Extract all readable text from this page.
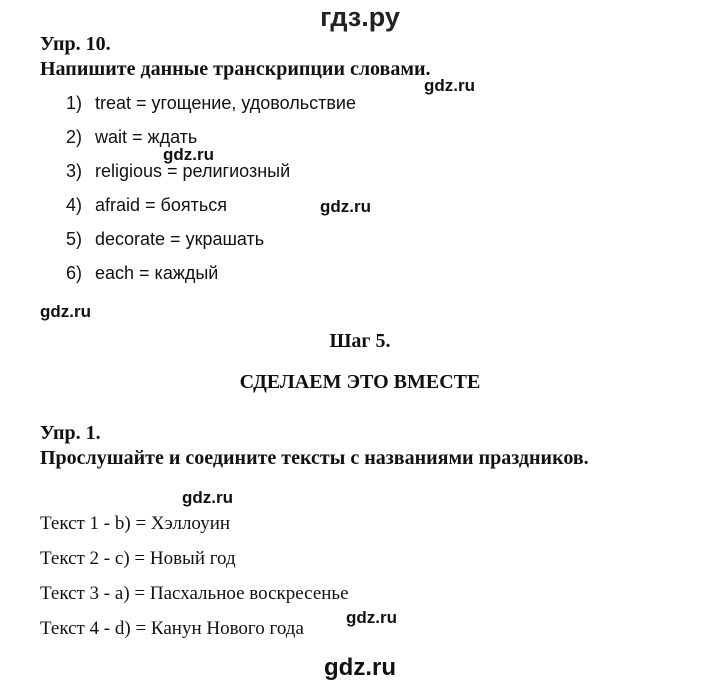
гдз.ру
Упр. 10.
Напишите данные транскрипции словами.
gdz.ru
1) treat = угощение, удовольствие
2) wait = ждать
gdz.ru
3) religious = религиозный
4) afraid = бояться	gdz.ru
5) decorate = украшать
6) each = каждый
gdz.ru
Шаг 5.
СДЕЛАЕМ ЭТО ВМЕСТЕ
Упр. 1.
Прослушайте и соедините тексты с названиями праздников.
gdz.ru
Текст 1 - b) = Хэллоуин
Текст 2 - c) = Новый год
Текст 3 - a) = Пасхальное воскресенье
gdz.ru
Текст 4 - d) = Канун Нового года
gdz.ru
